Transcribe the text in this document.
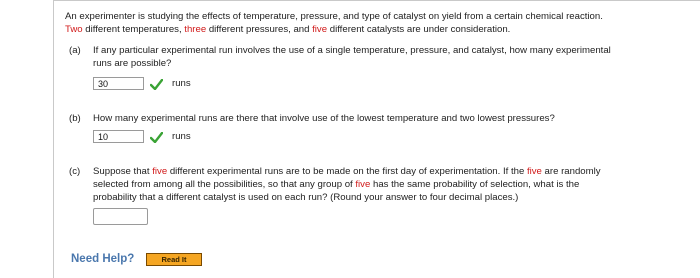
An experimenter is studying the effects of temperature, pressure, and type of catalyst on yield from a certain chemical reaction.
Two different temperatures, three different pressures, and five different catalysts are under consideration.
(a) If any particular experimental run involves the use of a single temperature, pressure, and catalyst, how many experimental
runs are possible?
30	runs
(b) How many experimental runs are there that involve use of the lowest temperature and two lowest pressures?
10	runs
(c) Suppose that five different experimental runs are to be made on the first day of experimentation. If the five are randomly
selected from among all the possibilities, so that any group of five has the same probability of selection, what is the
probability that a different catalyst is used on each run? (Round your answer to four decimal places.)
Need Help?	Read It
